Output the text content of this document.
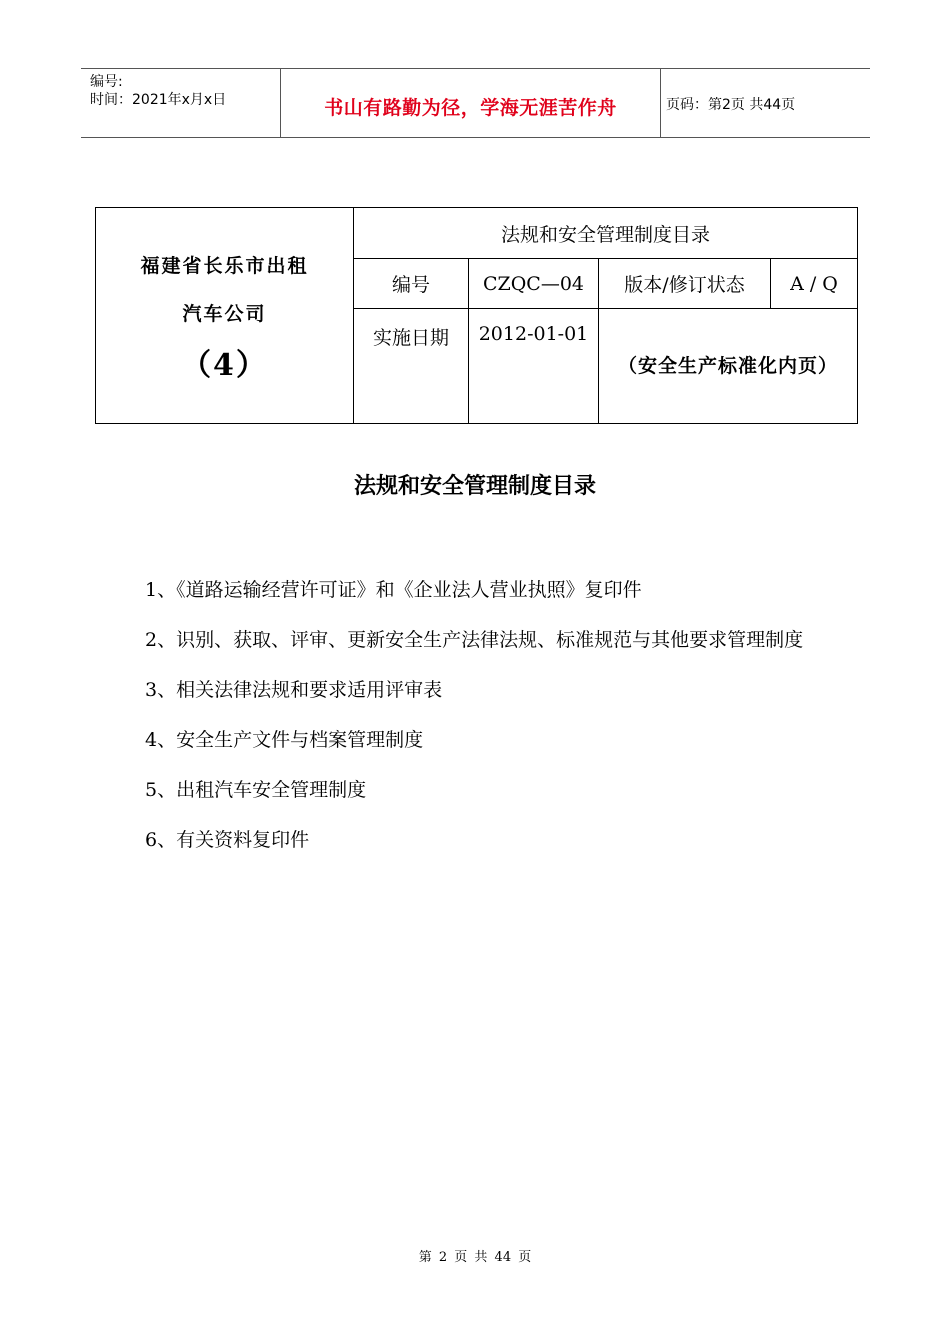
编号:
时间：2021年x月x日	书山有路勤为径，学海无涯苦作舟	页码：第2页 共44页
福建省长乐市出租
汽车公司
（4）	法规和安全管理制度目录			
	编号	CZQC—04	版本/修订状态	A / Q
	实施日期	2012-01-01	（安全生产标准化内页）	
法规和安全管理制度目录

1、《道路运输经营许可证》和《企业法人营业执照》复印件

2、识别、获取、评审、更新安全生产法律法规、标准规范与其他要求管理制度

3、相关法律法规和要求适用评审表

4、安全生产文件与档案管理制度

5、出租汽车安全管理制度

6、有关资料复印件

第 2 页 共 44 页
